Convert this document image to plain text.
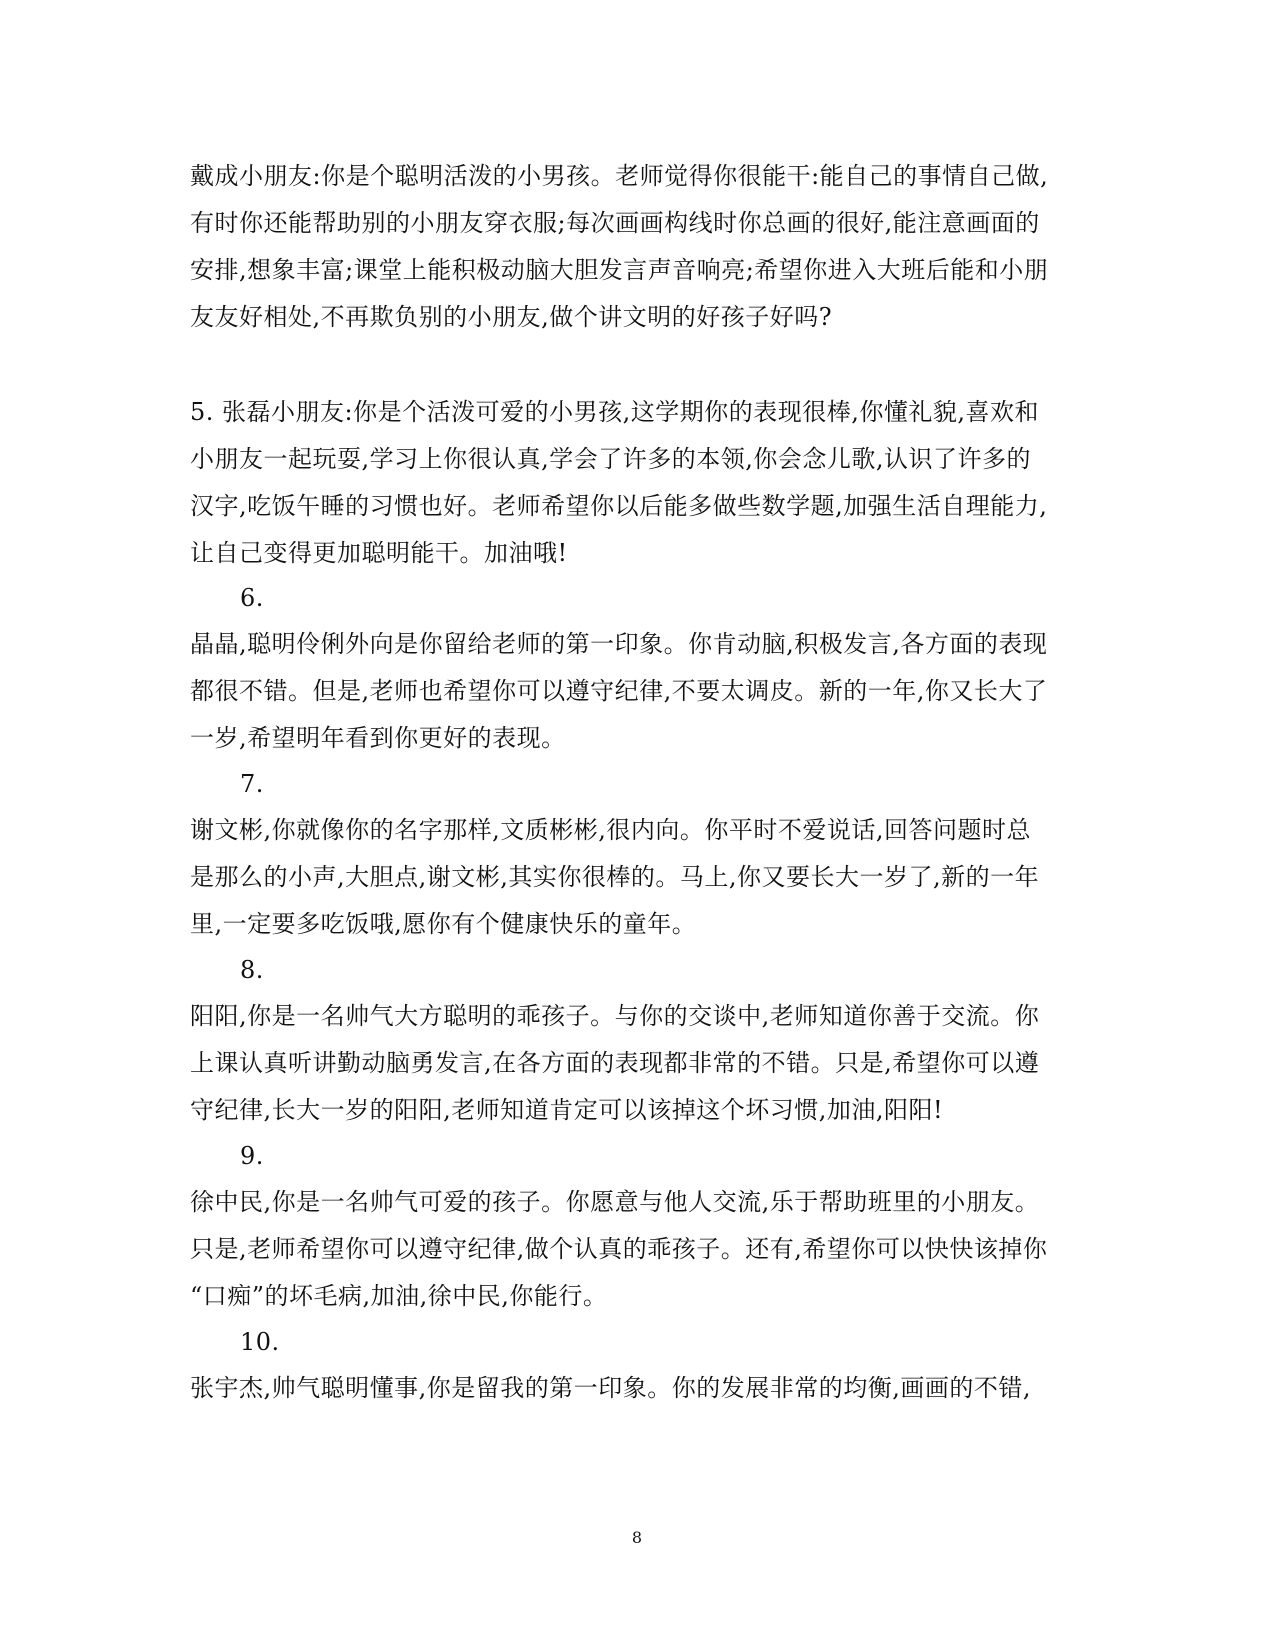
戴成小朋友:你是个聪明活泼的小男孩。老师觉得你很能干:能自己的事情自己做,
有时你还能帮助别的小朋友穿衣服;每次画画构线时你总画的很好,能注意画面的
安排,想象丰富;课堂上能积极动脑大胆发言声音响亮;希望你进入大班后能和小朋
友友好相处,不再欺负别的小朋友,做个讲文明的好孩子好吗?
5. 张磊小朋友:你是个活泼可爱的小男孩,这学期你的表现很棒,你懂礼貌,喜欢和
小朋友一起玩耍,学习上你很认真,学会了许多的本领,你会念儿歌,认识了许多的
汉字,吃饭午睡的习惯也好。老师希望你以后能多做些数学题,加强生活自理能力,
让自己变得更加聪明能干。加油哦!
6.
晶晶,聪明伶俐外向是你留给老师的第一印象。你肯动脑,积极发言,各方面的表现
都很不错。但是,老师也希望你可以遵守纪律,不要太调皮。新的一年,你又长大了
一岁,希望明年看到你更好的表现。
7.
谢文彬,你就像你的名字那样,文质彬彬,很内向。你平时不爱说话,回答问题时总
是那么的小声,大胆点,谢文彬,其实你很棒的。马上,你又要长大一岁了,新的一年
里,一定要多吃饭哦,愿你有个健康快乐的童年。
8.
阳阳,你是一名帅气大方聪明的乖孩子。与你的交谈中,老师知道你善于交流。你
上课认真听讲勤动脑勇发言,在各方面的表现都非常的不错。只是,希望你可以遵
守纪律,长大一岁的阳阳,老师知道肯定可以该掉这个坏习惯,加油,阳阳!
9.
徐中民,你是一名帅气可爱的孩子。你愿意与他人交流,乐于帮助班里的小朋友。
只是,老师希望你可以遵守纪律,做个认真的乖孩子。还有,希望你可以快快该掉你
“口痴”的坏毛病,加油,徐中民,你能行。
10.
张宇杰,帅气聪明懂事,你是留我的第一印象。你的发展非常的均衡,画画的不错,
8
